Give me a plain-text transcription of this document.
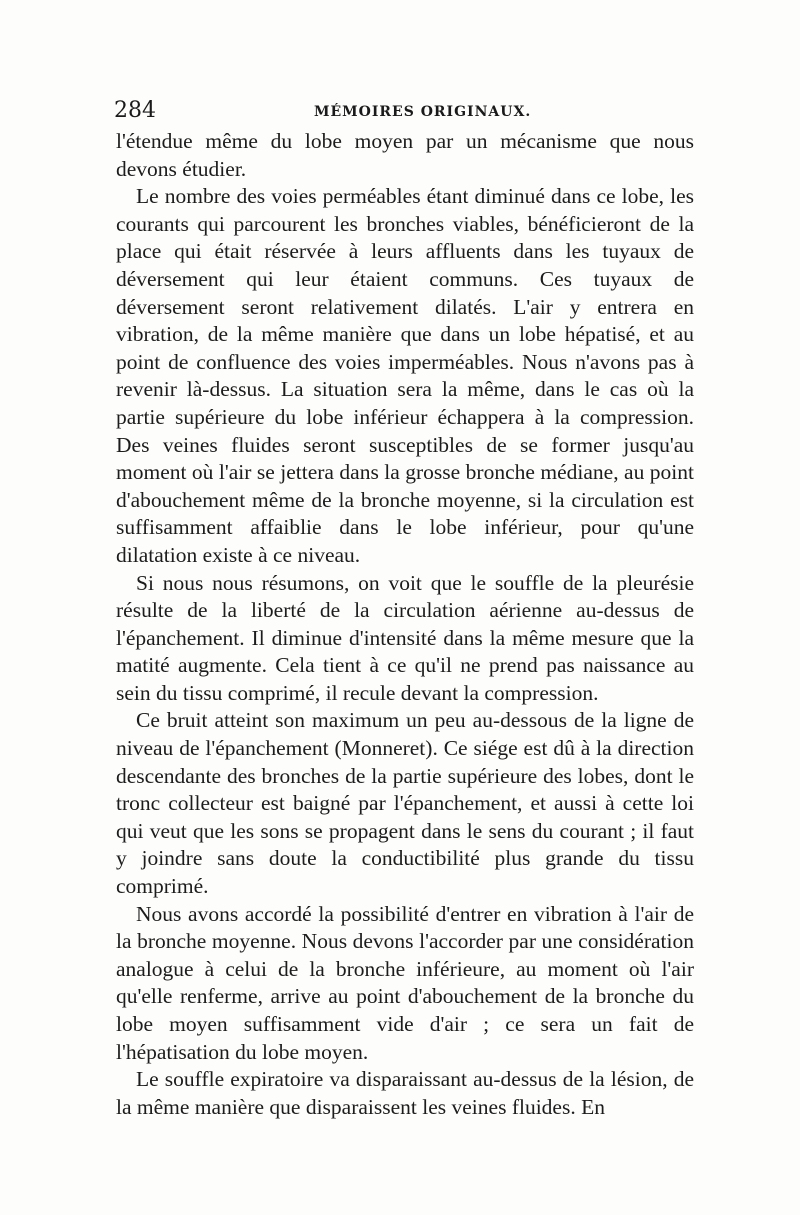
284	MÉMOIRES ORIGINAUX.

l'étendue même du lobe moyen par un mécanisme que nous devons étudier.

Le nombre des voies perméables étant diminué dans ce lobe, les courants qui parcourent les bronches viables, bénéficieront de la place qui était réservée à leurs affluents dans les tuyaux de déversement qui leur étaient communs. Ces tuyaux de déversement seront relativement dilatés. L'air y entrera en vibration, de la même manière que dans un lobe hépatisé, et au point de confluence des voies imperméables. Nous n'avons pas à revenir là-dessus. La situation sera la même, dans le cas où la partie supérieure du lobe inférieur échappera à la compression. Des veines fluides seront susceptibles de se former jusqu'au moment où l'air se jettera dans la grosse bronche médiane, au point d'abouchement même de la bronche moyenne, si la circulation est suffisamment affaiblie dans le lobe inférieur, pour qu'une dilatation existe à ce niveau.

Si nous nous résumons, on voit que le souffle de la pleurésie résulte de la liberté de la circulation aérienne au-dessus de l'épanchement. Il diminue d'intensité dans la même mesure que la matité augmente. Cela tient à ce qu'il ne prend pas naissance au sein du tissu comprimé, il recule devant la compression.

Ce bruit atteint son maximum un peu au-dessous de la ligne de niveau de l'épanchement (Monneret). Ce siége est dû à la direction descendante des bronches de la partie supérieure des lobes, dont le tronc collecteur est baigné par l'épanchement, et aussi à cette loi qui veut que les sons se propagent dans le sens du courant ; il faut y joindre sans doute la conductibilité plus grande du tissu comprimé.

Nous avons accordé la possibilité d'entrer en vibration à l'air de la bronche moyenne. Nous devons l'accorder par une considération analogue à celui de la bronche inférieure, au moment où l'air qu'elle renferme, arrive au point d'abouchement de la bronche du lobe moyen suffisamment vide d'air ; ce sera un fait de l'hépatisation du lobe moyen.

Le souffle expiratoire va disparaissant au-dessus de la lésion, de la même manière que disparaissent les veines fluides. En
